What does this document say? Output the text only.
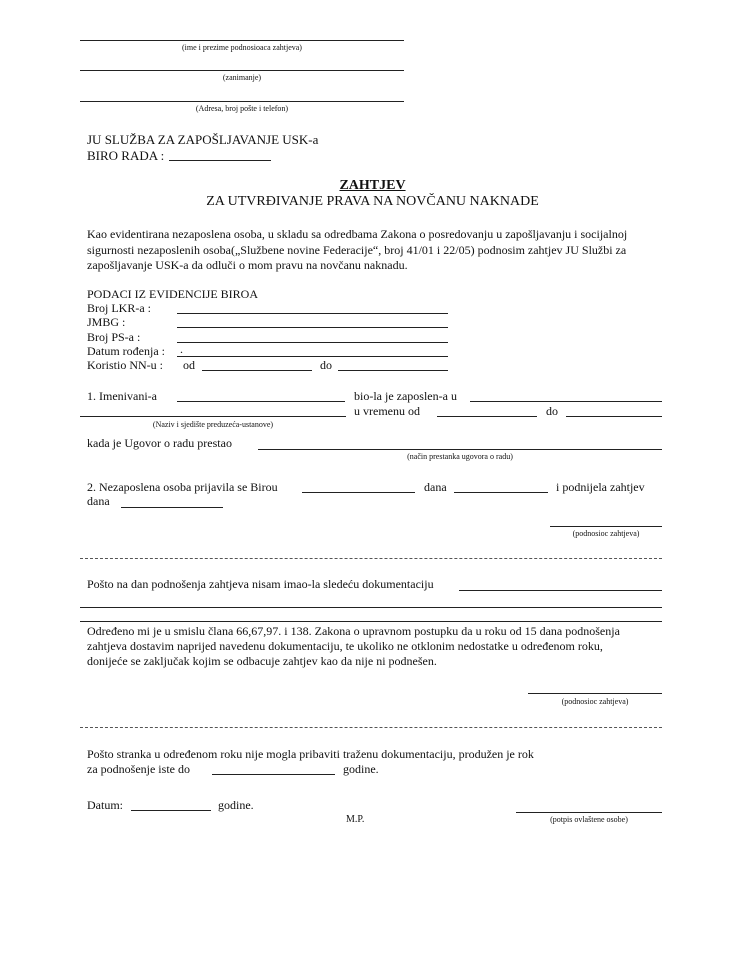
(ime i prezime podnosioaca zahtjeva)
(zanimanje)
(Adresa, broj pošte i telefon)
JU SLUŽBA ZA ZAPOŠLJAVANJE USK-a
BIRO RADA :
ZAHTJEV
ZA UTVRĐIVANJE PRAVA NA NOVČANU NAKNADE
Kao evidentirana nezaposlena osoba, u skladu sa odredbama Zakona o posredovanju u zapošljavanju i socijalnoj
sigurnosti nezaposlenih osoba(„Službene novine Federacije“, broj 41/01 i 22/05) podnosim zahtjev JU Službi za
zapošljavanje USK-a da odluči o mom pravu na novčanu naknadu.
PODACI IZ EVIDENCIJE BIROA
Broj LKR-a :
JMBG :
Broj PS-a :
Datum rođenja : .
Koristio NN-u : od	do
1. Imenivani-a	bio-la je zaposlen-a u
(Naziv i sjedište preduzeća-ustanove)
u vremenu od	do
kada je Ugovor o radu prestao
(način prestanka ugovora o radu)
2. Nezaposlena osoba prijavila se Birou	dana	i podnijela zahtjev
dana
(podnosioc zahtjeva)
Pošto na dan podnošenja zahtjeva nisam imao-la sledeću dokumentaciju
Određeno mi je u smislu člana 66,67,97. i 138. Zakona o upravnom postupku da u roku od 15 dana podnošenja
zahtjeva dostavim naprijed navedenu dokumentaciju, te ukoliko ne otklonim nedostatke u određenom roku,
donijeće se zaključak kojim se odbacuje zahtjev kao da nije ni podnešen.
(podnosioc zahtjeva)
Pošto stranka u određenom roku nije mogla pribaviti traženu dokumentaciju, produžen je rok
za podnošenje iste do	godine.
Datum:	godine.
M.P.	(potpis ovlaštene osobe)
